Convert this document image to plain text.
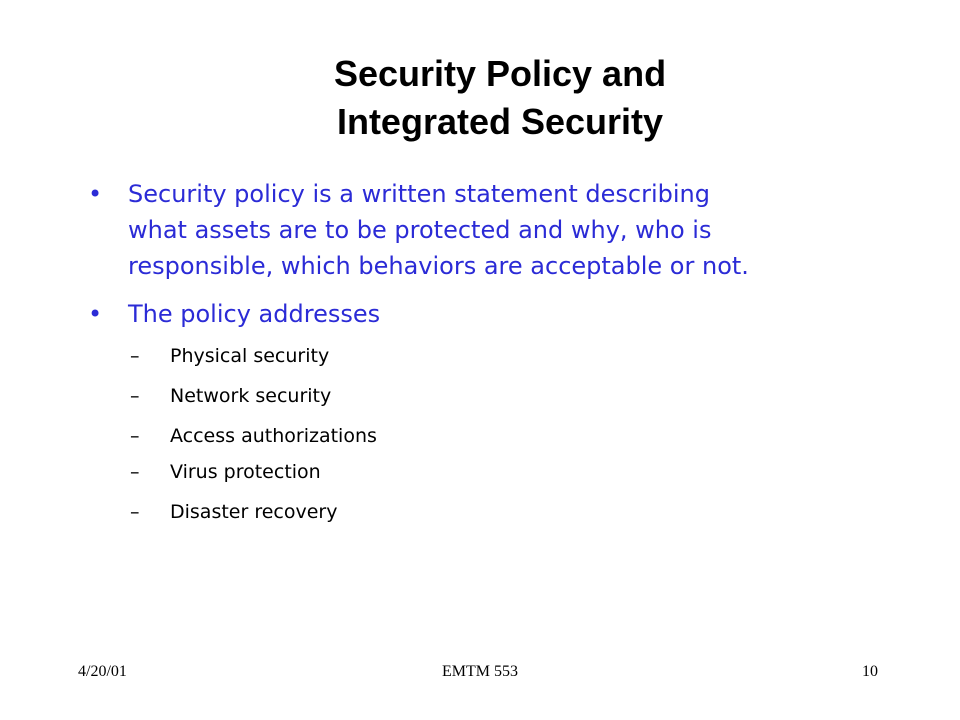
Security Policy and
Integrated Security
• Security policy is a written statement describing
what assets are to be protected and why, who is
responsible, which behaviors are acceptable or not.
• The policy addresses
– Physical security
– Network security
– Access authorizations
– Virus protection
– Disaster recovery
4/20/01	EMTM 553	10
